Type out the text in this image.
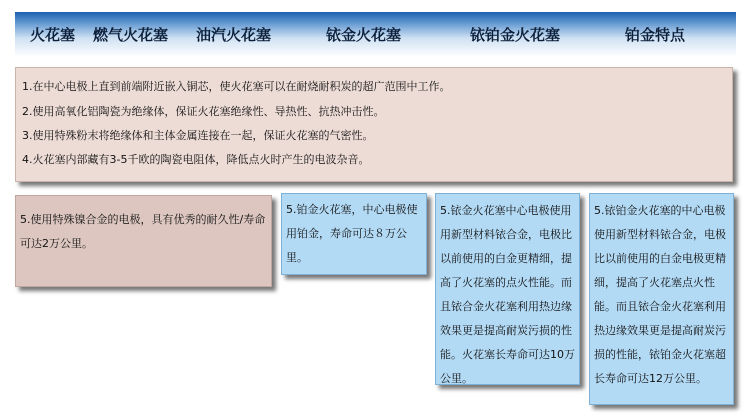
火花塞 燃气火花塞 油汽火花塞	铱金火花塞	铱铂金火花塞	铂金特点
1.在中心电极上直到前端附近嵌入铜芯，使火花塞可以在耐烧耐积炭的超广范围中工作。
2.使用高氧化铝陶瓷为绝缘体，保证火花塞绝缘性、导热性、抗热冲击性。
3.使用特殊粉末将绝缘体和主体金属连接在一起，保证火花塞的气密性。
4.火花塞内部藏有3-5千欧的陶瓷电阻体，降低点火时产生的电波杂音。
5.使用特殊镍合金的电极，具有优秀的耐久性/寿命可达2万公里。
5.铂金火花塞，中心电极使用铂金，寿命可达８万公里。
5.铱金火花塞中心电极使用用新型材料铱合金，电极比以前使用的白金更精细，提高了火花塞的点火性能。而且铱合金火花塞利用热边缘效果更是提高耐炭污损的性能。火花塞长寿命可达10万公里。
5.铱铂金火花塞的中心电极使用新型材料铱合金，电极比以前使用的白金电极更精细，提高了火花塞点火性能。而且铱合金火花塞利用热边缘效果更是提高耐炭污损的性能，铱铂金火花塞超长寿命可达12万公里。
